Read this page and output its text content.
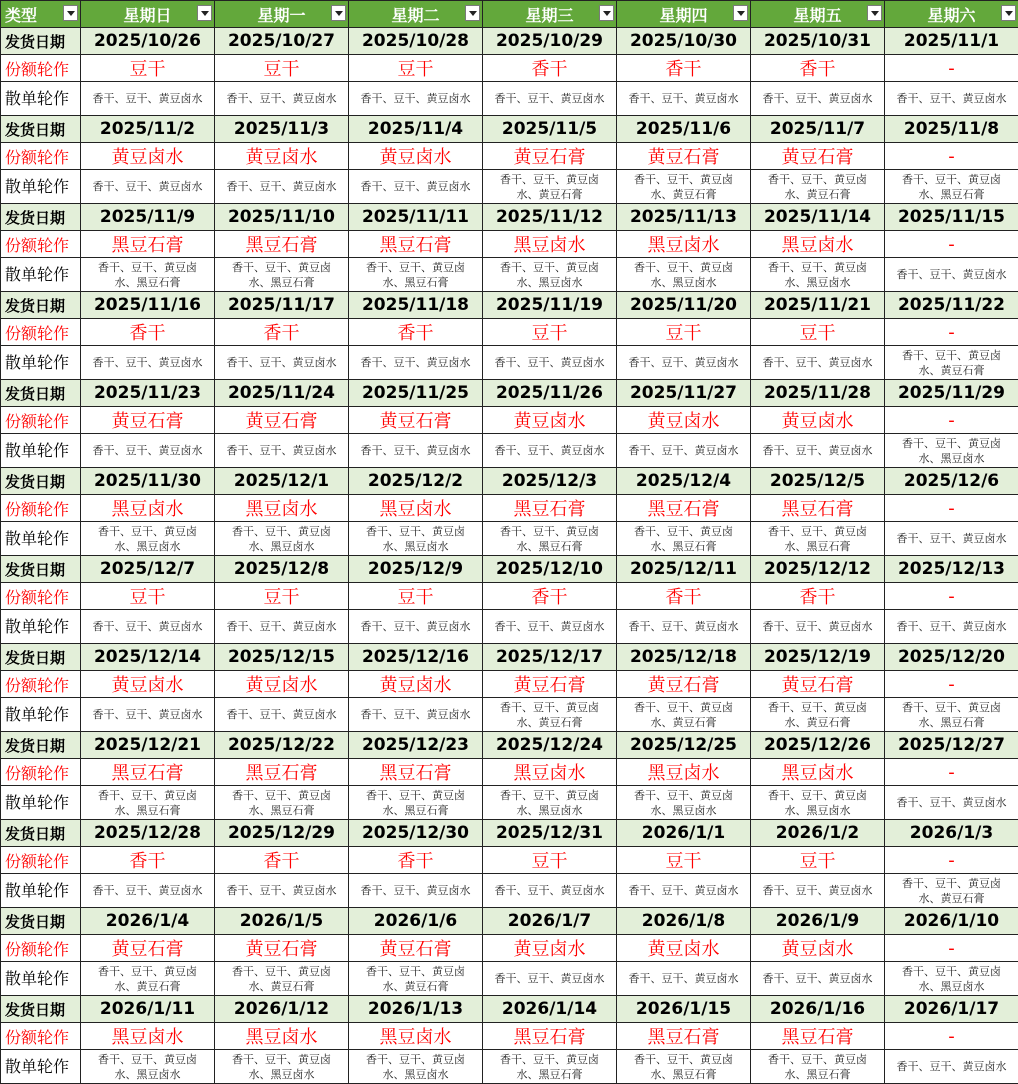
类型	星期日	星期一	星期二	星期三	星期四	星期五	星期六

发货日期	2025/10/26	2025/10/27	2025/10/28	2025/10/29	2025/10/30	2025/10/31	2025/11/1
份额轮作	豆干	豆干	豆干	香干	香干	香干	-
散单轮作	香干、豆干、黄豆卤水	香干、豆干、黄豆卤水	香干、豆干、黄豆卤水	香干、豆干、黄豆卤水	香干、豆干、黄豆卤水	香干、豆干、黄豆卤水	香干、豆干、黄豆卤水

发货日期	2025/11/2	2025/11/3	2025/11/4	2025/11/5	2025/11/6	2025/11/7	2025/11/8
份额轮作	黄豆卤水	黄豆卤水	黄豆卤水	黄豆石膏	黄豆石膏	黄豆石膏	-
散单轮作	香干、豆干、黄豆卤水	香干、豆干、黄豆卤水	香干、豆干、黄豆卤水	香干、豆干、黄豆卤水、黄豆石膏	香干、豆干、黄豆卤水、黄豆石膏	香干、豆干、黄豆卤水、黄豆石膏	香干、豆干、黄豆卤水、黑豆石膏

发货日期	2025/11/9	2025/11/10	2025/11/11	2025/11/12	2025/11/13	2025/11/14	2025/11/15
份额轮作	黑豆石膏	黑豆石膏	黑豆石膏	黑豆卤水	黑豆卤水	黑豆卤水	-
散单轮作	香干、豆干、黄豆卤水、黑豆石膏	香干、豆干、黄豆卤水、黑豆石膏	香干、豆干、黄豆卤水、黑豆石膏	香干、豆干、黄豆卤水、黑豆卤水	香干、豆干、黄豆卤水、黑豆卤水	香干、豆干、黄豆卤水、黑豆卤水	香干、豆干、黄豆卤水

发货日期	2025/11/16	2025/11/17	2025/11/18	2025/11/19	2025/11/20	2025/11/21	2025/11/22
份额轮作	香干	香干	香干	豆干	豆干	豆干	-
散单轮作	香干、豆干、黄豆卤水	香干、豆干、黄豆卤水	香干、豆干、黄豆卤水	香干、豆干、黄豆卤水	香干、豆干、黄豆卤水	香干、豆干、黄豆卤水	香干、豆干、黄豆卤水、黄豆石膏

发货日期	2025/11/23	2025/11/24	2025/11/25	2025/11/26	2025/11/27	2025/11/28	2025/11/29
份额轮作	黄豆石膏	黄豆石膏	黄豆石膏	黄豆卤水	黄豆卤水	黄豆卤水	-
散单轮作	香干、豆干、黄豆卤水	香干、豆干、黄豆卤水	香干、豆干、黄豆卤水	香干、豆干、黄豆卤水	香干、豆干、黄豆卤水	香干、豆干、黄豆卤水	香干、豆干、黄豆卤水、黑豆卤水

发货日期	2025/11/30	2025/12/1	2025/12/2	2025/12/3	2025/12/4	2025/12/5	2025/12/6
份额轮作	黑豆卤水	黑豆卤水	黑豆卤水	黑豆石膏	黑豆石膏	黑豆石膏	-
散单轮作	香干、豆干、黄豆卤水、黑豆卤水	香干、豆干、黄豆卤水、黑豆卤水	香干、豆干、黄豆卤水、黑豆卤水	香干、豆干、黄豆卤水、黑豆石膏	香干、豆干、黄豆卤水、黑豆石膏	香干、豆干、黄豆卤水、黑豆石膏	香干、豆干、黄豆卤水

发货日期	2025/12/7	2025/12/8	2025/12/9	2025/12/10	2025/12/11	2025/12/12	2025/12/13
份额轮作	豆干	豆干	豆干	香干	香干	香干	-
散单轮作	香干、豆干、黄豆卤水	香干、豆干、黄豆卤水	香干、豆干、黄豆卤水	香干、豆干、黄豆卤水	香干、豆干、黄豆卤水	香干、豆干、黄豆卤水	香干、豆干、黄豆卤水

发货日期	2025/12/14	2025/12/15	2025/12/16	2025/12/17	2025/12/18	2025/12/19	2025/12/20
份额轮作	黄豆卤水	黄豆卤水	黄豆卤水	黄豆石膏	黄豆石膏	黄豆石膏	-
散单轮作	香干、豆干、黄豆卤水	香干、豆干、黄豆卤水	香干、豆干、黄豆卤水	香干、豆干、黄豆卤水、黄豆石膏	香干、豆干、黄豆卤水、黄豆石膏	香干、豆干、黄豆卤水、黄豆石膏	香干、豆干、黄豆卤水、黑豆石膏

发货日期	2025/12/21	2025/12/22	2025/12/23	2025/12/24	2025/12/25	2025/12/26	2025/12/27
份额轮作	黑豆石膏	黑豆石膏	黑豆石膏	黑豆卤水	黑豆卤水	黑豆卤水	-
散单轮作	香干、豆干、黄豆卤水、黑豆石膏	香干、豆干、黄豆卤水、黑豆石膏	香干、豆干、黄豆卤水、黑豆石膏	香干、豆干、黄豆卤水、黑豆卤水	香干、豆干、黄豆卤水、黑豆卤水	香干、豆干、黄豆卤水、黑豆卤水	香干、豆干、黄豆卤水

发货日期	2025/12/28	2025/12/29	2025/12/30	2025/12/31	2026/1/1	2026/1/2	2026/1/3
份额轮作	香干	香干	香干	豆干	豆干	豆干	-
散单轮作	香干、豆干、黄豆卤水	香干、豆干、黄豆卤水	香干、豆干、黄豆卤水	香干、豆干、黄豆卤水	香干、豆干、黄豆卤水	香干、豆干、黄豆卤水	香干、豆干、黄豆卤水、黄豆石膏

发货日期	2026/1/4	2026/1/5	2026/1/6	2026/1/7	2026/1/8	2026/1/9	2026/1/10
份额轮作	黄豆石膏	黄豆石膏	黄豆石膏	黄豆卤水	黄豆卤水	黄豆卤水	-
散单轮作	香干、豆干、黄豆卤水、黄豆石膏	香干、豆干、黄豆卤水、黄豆石膏	香干、豆干、黄豆卤水、黄豆石膏	香干、豆干、黄豆卤水	香干、豆干、黄豆卤水	香干、豆干、黄豆卤水	香干、豆干、黄豆卤水、黑豆卤水

发货日期	2026/1/11	2026/1/12	2026/1/13	2026/1/14	2026/1/15	2026/1/16	2026/1/17
份额轮作	黑豆卤水	黑豆卤水	黑豆卤水	黑豆石膏	黑豆石膏	黑豆石膏	-
散单轮作	香干、豆干、黄豆卤水、黑豆卤水	香干、豆干、黄豆卤水、黑豆卤水	香干、豆干、黄豆卤水、黑豆卤水	香干、豆干、黄豆卤水、黑豆石膏	香干、豆干、黄豆卤水、黑豆石膏	香干、豆干、黄豆卤水、黑豆石膏	香干、豆干、黄豆卤水
